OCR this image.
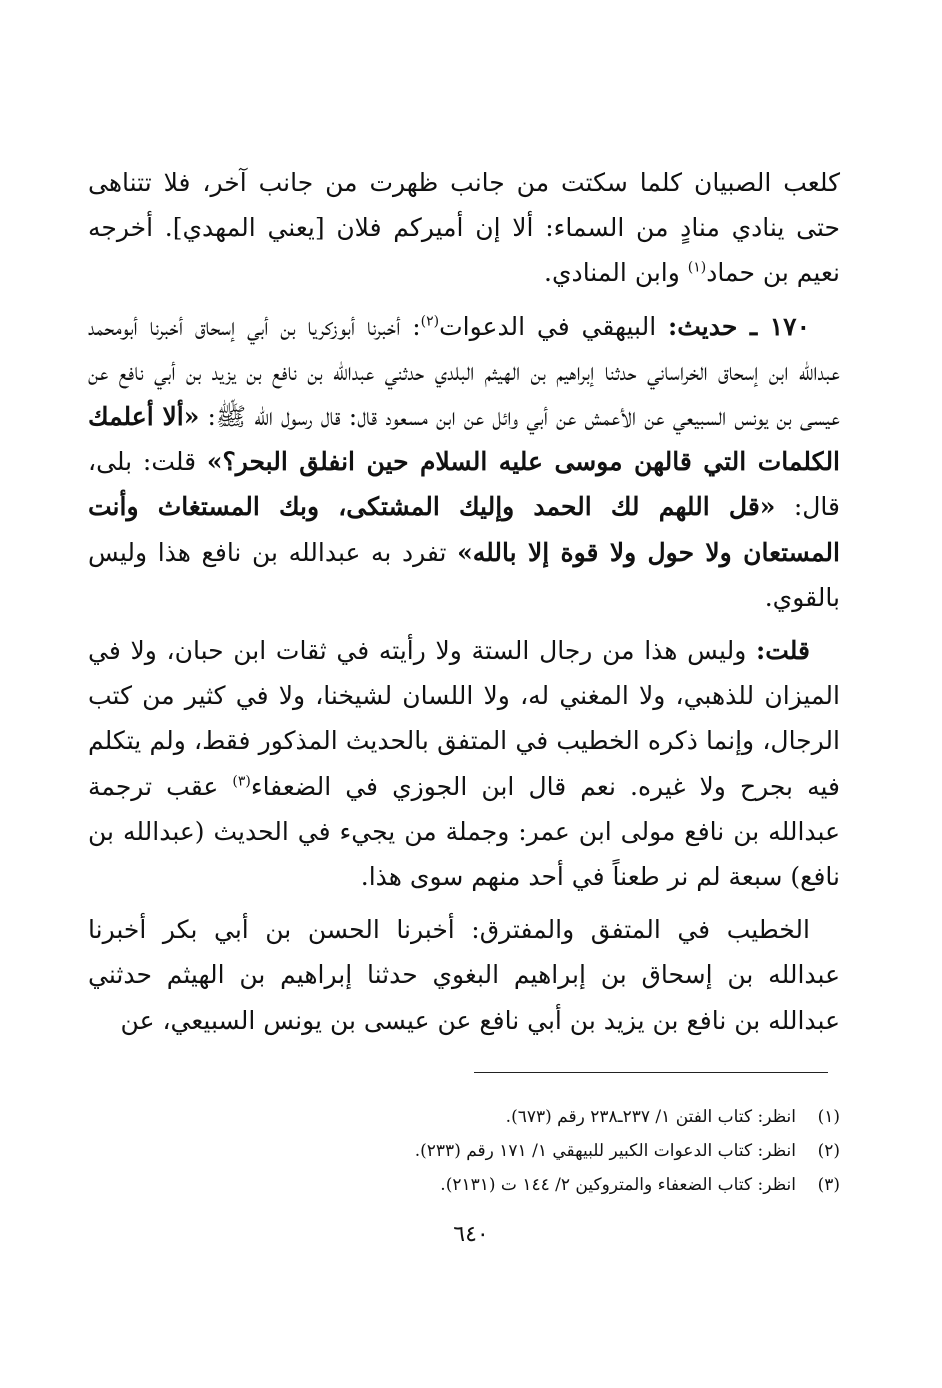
كلعب الصبيان كلما سكتت من جانب ظهرت من جانب آخر، فلا تتناهى حتى ينادي منادٍ من السماء: ألا إن أميركم فلان [يعني المهدي]. أخرجه نعيم بن حماد$^{(١)}$ وابن المنادي.

١٧٠ ـ حديث: البيهقي في الدعوات$^{(٢)}$: أخبرنا أبوزكريا بن أبي إسحاق أخبرنا أبومحمد عبدالله ابن إسحاق الخراساني حدثنا إبراهيم بن الهيثم البلدي حدثني عبدالله بن نافع بن يزيد بن أبي نافع عن عيسى بن يونس السبيعي عن الأعمش عن أبي وائل عن ابن مسعود قال: قال رسول الله ﷺ: «ألا أعلمك الكلمات التي قالهن موسى عليه السلام حين انفلق البحر؟» قلت: بلى، قال: «قل اللهم لك الحمد وإليك المشتكى، وبك المستغاث وأنت المستعان ولا حول ولا قوة إلا بالله» تفرد به عبدالله بن نافع هذا وليس بالقوي.

قلت: وليس هذا من رجال الستة ولا رأيته في ثقات ابن حبان، ولا في الميزان للذهبي، ولا المغني له، ولا اللسان لشيخنا، ولا في كثير من كتب الرجال، وإنما ذكره الخطيب في المتفق بالحديث المذكور فقط، ولم يتكلم فيه بجرح ولا غيره. نعم قال ابن الجوزي في الضعفاء$^{(٣)}$ عقب ترجمة عبدالله بن نافع مولى ابن عمر: وجملة من يجيء في الحديث (عبدالله بن نافع) سبعة لم نر طعناً في أحد منهم سوى هذا.

الخطيب في المتفق والمفترق: أخبرنا الحسن بن أبي بكر أخبرنا عبدالله بن إسحاق بن إبراهيم البغوي حدثنا إبراهيم بن الهيثم حدثني عبدالله بن نافع بن يزيد بن أبي نافع عن عيسى بن يونس السبيعي، عن

(١)
انظر: كتاب الفتن ١/ ٢٣٧ـ٢٣٨ رقم (٦٧٣).
(٢)
انظر: كتاب الدعوات الكبير للبيهقي ١/ ١٧١ رقم (٢٣٣).
(٣)
انظر: كتاب الضعفاء والمتروكين ٢/ ١٤٤ ت (٢١٣١).
٦٤٠
